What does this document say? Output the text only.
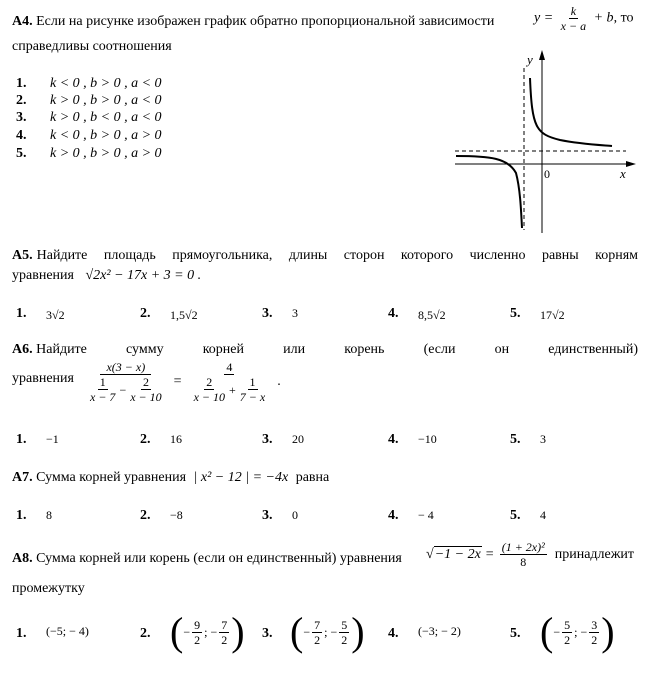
А4. Если на рисунке изображен график обратно пропорциональной зависимости	$y = \frac{k}{x - a} + b$, то
справедливы соотношения
1. k < 0 , b > 0 , a < 0
2. k > 0 , b > 0 , a < 0
3. k > 0 , b < 0 , a < 0
4. k < 0 , b > 0 , a > 0
5. k > 0 , b > 0 , a > 0
y
x
0
А5. Найдите площадь прямоугольника, длины сторон которого численно равны корням
уравнения √2x² − 17x + 3 = 0 .
1. 3√2	2. 1,5√2	3. 3	4. 8,5√2	5. 17√2
А6. Найдите	сумму	корней	или	корень	(если	он	единственный)
уравнения $\frac{x(3 - x)}{\frac{1}{x - 7} - \frac{2}{x - 10}} = \frac{4}{\frac{2}{x - 10} + \frac{1}{7 - x}}$ .
1. −1	2. 16	3. 20	4. −10	5. 3
А7. Сумма корней уравнения | x² − 12 | = −4x равна
1. 8	2. −8	3. 0	4. − 4	5. 4
А8. Сумма корней или корень (если он единственный) уравнения √ $-1 - 2x = \frac{\text{(1 + 2x)²}}{8}$ принадлежит
промежутку
1. (−5; − 4)	2. ( − $\frac{9}{2}$ ; − $\frac{7}{2}$ ) 3. ( − $\frac{7}{2}$ ; − $\frac{5}{2}$ ) 4. (−3; − 2)	5. ( − $\frac{5}{2}$ ; − $\frac{3}{2}$ )
